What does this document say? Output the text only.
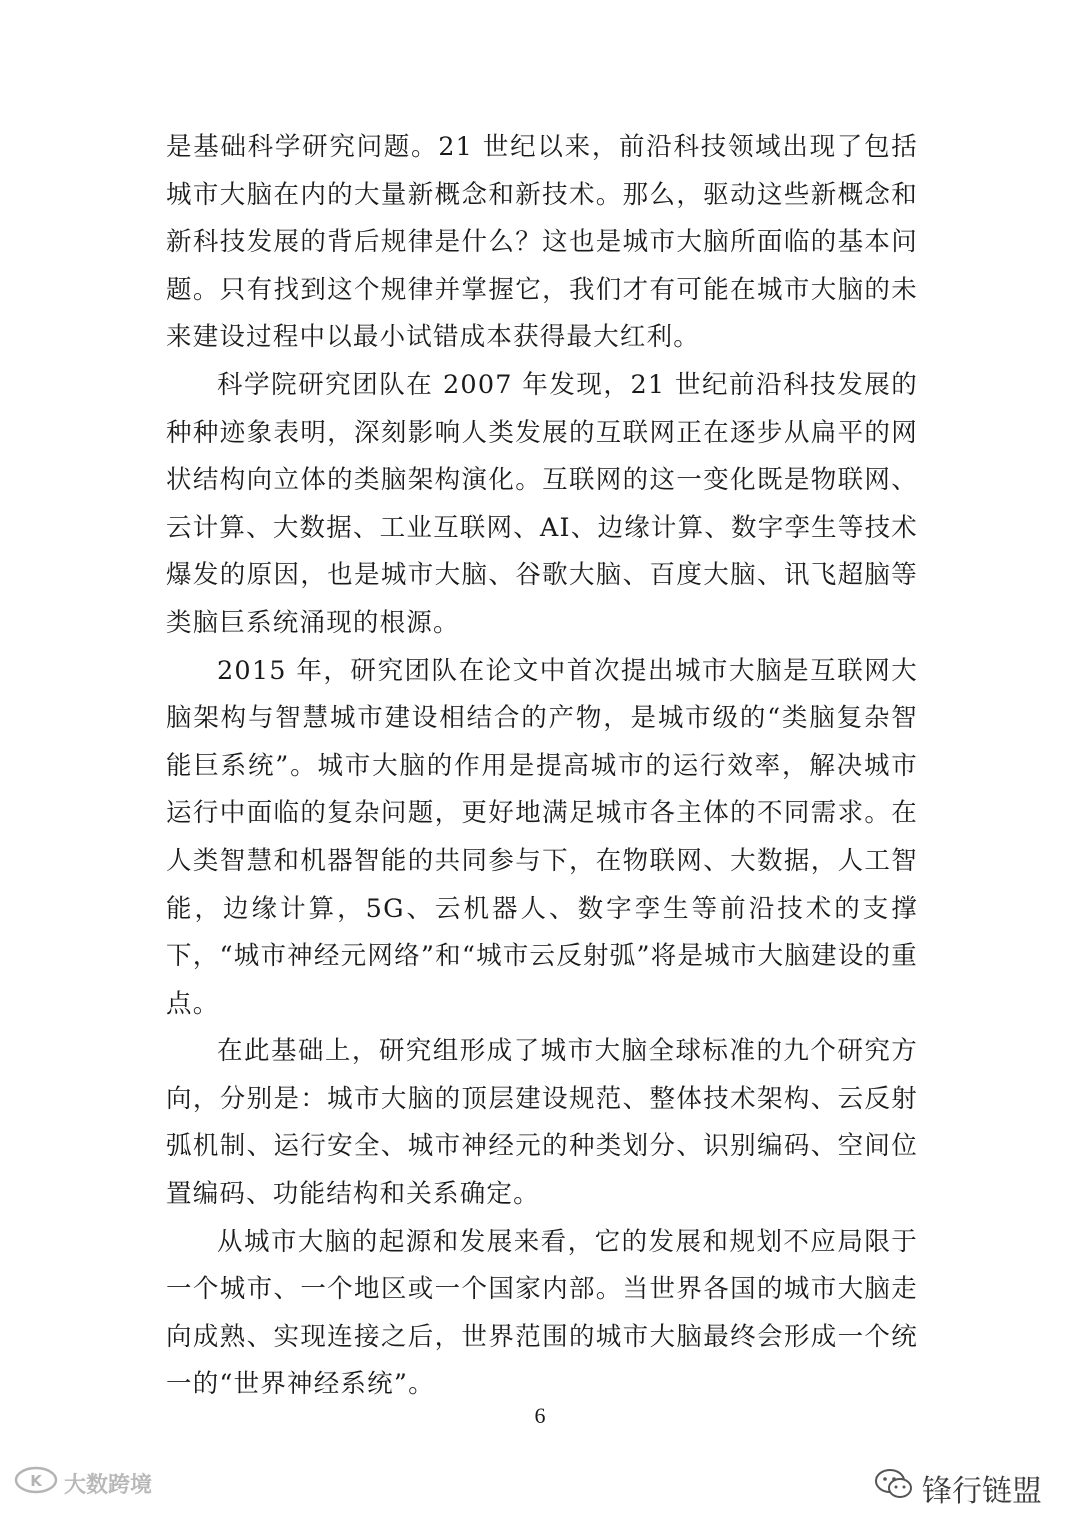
是基础科学研究问题。21 世纪以来，前沿科技领域出现了包括城市大脑在内的大量新概念和新技术。那么，驱动这些新概念和新科技发展的背后规律是什么？这也是城市大脑所面临的基本问题。只有找到这个规律并掌握它，我们才有可能在城市大脑的未来建设过程中以最小试错成本获得最大红利。

科学院研究团队在 2007 年发现，21 世纪前沿科技发展的种种迹象表明，深刻影响人类发展的互联网正在逐步从扁平的网状结构向立体的类脑架构演化。互联网的这一变化既是物联网、云计算、大数据、工业互联网、AI、边缘计算、数字孪生等技术爆发的原因，也是城市大脑、谷歌大脑、百度大脑、讯飞超脑等类脑巨系统涌现的根源。

2015 年，研究团队在论文中首次提出城市大脑是互联网大脑架构与智慧城市建设相结合的产物，是城市级的“类脑复杂智能巨系统”。城市大脑的作用是提高城市的运行效率，解决城市运行中面临的复杂问题，更好地满足城市各主体的不同需求。在人类智慧和机器智能的共同参与下，在物联网、大数据，人工智能，边缘计算，5G、云机器人、数字孪生等前沿技术的支撑下，“城市神经元网络”和“城市云反射弧”将是城市大脑建设的重点。

在此基础上，研究组形成了城市大脑全球标准的九个研究方向，分别是：城市大脑的顶层建设规范、整体技术架构、云反射弧机制、运行安全、城市神经元的种类划分、识别编码、空间位置编码、功能结构和关系确定。

从城市大脑的起源和发展来看，它的发展和规划不应局限于一个城市、一个地区或一个国家内部。当世界各国的城市大脑走向成熟、实现连接之后，世界范围的城市大脑最终会形成一个统一的“世界神经系统”。

6
K 大数跨境	锋行链盟
